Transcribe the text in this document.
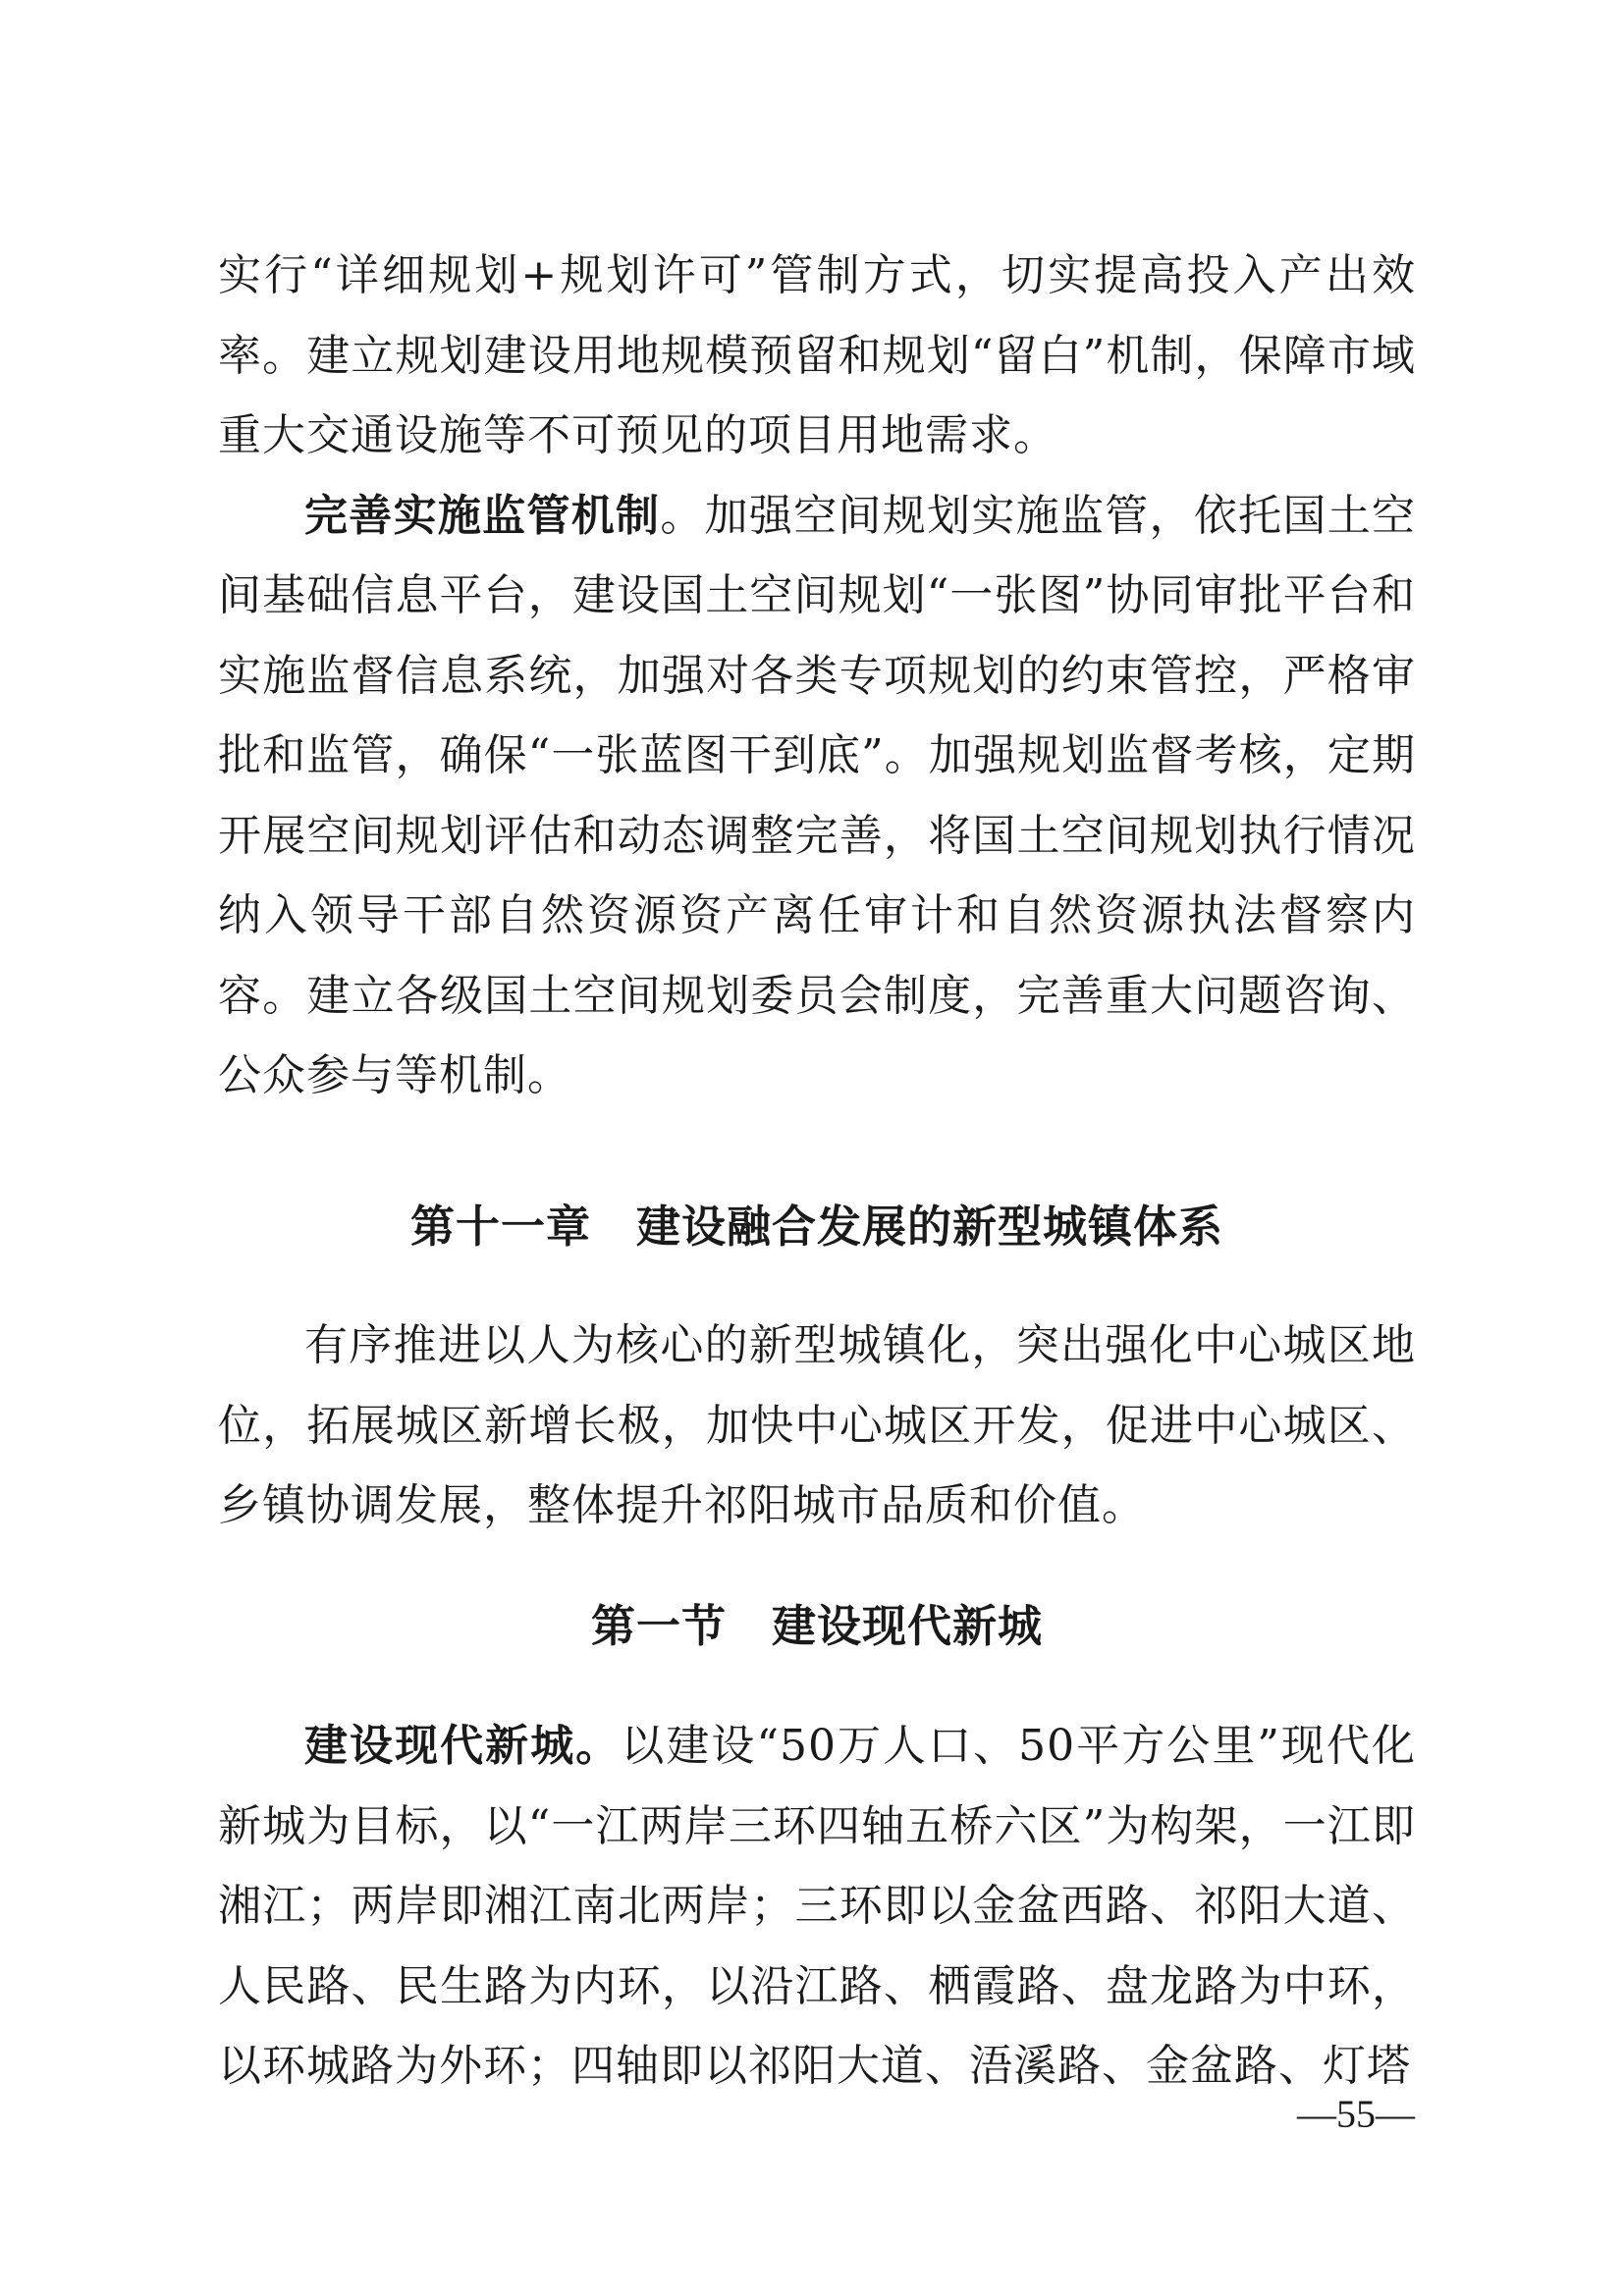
实行“详细规划+规划许可”管制方式，切实提高投入产出效率。建立规划建设用地规模预留和规划“留白”机制，保障市域重大交通设施等不可预见的项目用地需求。

完善实施监管机制。加强空间规划实施监管，依托国土空间基础信息平台，建设国土空间规划“一张图”协同审批平台和实施监督信息系统，加强对各类专项规划的约束管控，严格审批和监管，确保“一张蓝图干到底”。加强规划监督考核，定期开展空间规划评估和动态调整完善，将国土空间规划执行情况纳入领导干部自然资源资产离任审计和自然资源执法督察内容。建立各级国土空间规划委员会制度，完善重大问题咨询、公众参与等机制。

第十一章　建设融合发展的新型城镇体系

有序推进以人为核心的新型城镇化，突出强化中心城区地位，拓展城区新增长极，加快中心城区开发，促进中心城区、乡镇协调发展，整体提升祁阳城市品质和价值。

第一节　建设现代新城

建设现代新城。以建设“50万人口、50平方公里”现代化新城为目标，以“一江两岸三环四轴五桥六区”为构架，一江即湘江；两岸即湘江南北两岸；三环即以金盆西路、祁阳大道、人民路、民生路为内环，以沿江路、栖霞路、盘龙路为中环，以环城路为外环；四轴即以祁阳大道、浯溪路、金盆路、灯塔

—55—
